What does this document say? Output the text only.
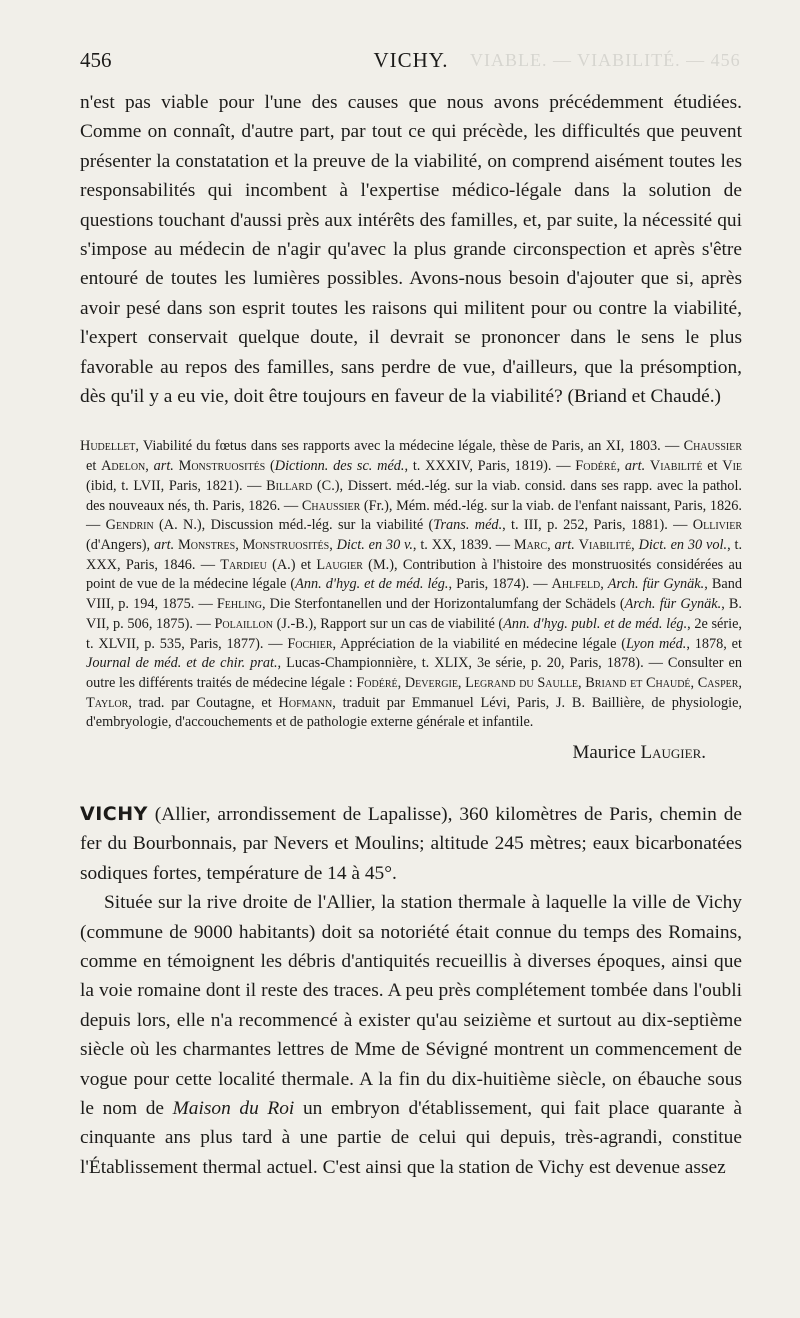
VIABLE. — VIABILITÉ. — 456
456	VICHY.

n'est pas viable pour l'une des causes que nous avons précédemment étudiées. Comme on connaît, d'autre part, par tout ce qui précède, les difficultés que peuvent présenter la constatation et la preuve de la viabilité, on comprend aisément toutes les responsabilités qui incombent à l'expertise médico-légale dans la solution de questions touchant d'aussi près aux intérêts des familles, et, par suite, la nécessité qui s'impose au médecin de n'agir qu'avec la plus grande circonspection et après s'être entouré de toutes les lumières possibles. Avons-nous besoin d'ajouter que si, après avoir pesé dans son esprit toutes les raisons qui militent pour ou contre la viabilité, l'expert conservait quelque doute, il devrait se prononcer dans le sens le plus favorable au repos des familles, sans perdre de vue, d'ailleurs, que la présomption, dès qu'il y a eu vie, doit être toujours en faveur de la viabilité? (Briand et Chaudé.)

Hudellet, Viabilité du fœtus dans ses rapports avec la médecine légale, thèse de Paris, an XI, 1803. — Chaussier et Adelon, art. Monstruosités (Dictionn. des sc. méd., t. XXXIV, Paris, 1819). — Fodéré, art. Viabilité et Vie (ibid, t. LVII, Paris, 1821). — Billard (C.), Dissert. méd.-lég. sur la viab. consid. dans ses rapp. avec la pathol. des nouveaux nés, th. Paris, 1826. — Chaussier (Fr.), Mém. méd.-lég. sur la viab. de l'enfant naissant, Paris, 1826. — Gendrin (A. N.), Discussion méd.-lég. sur la viabilité (Trans. méd., t. III, p. 252, Paris, 1881). — Ollivier (d'Angers), art. Monstres, Monstruosités, Dict. en 30 v., t. XX, 1839. — Marc, art. Viabilité, Dict. en 30 vol., t. XXX, Paris, 1846. — Tardieu (A.) et Laugier (M.), Contribution à l'histoire des monstruosités considérées au point de vue de la médecine légale (Ann. d'hyg. et de méd. lég., Paris, 1874). — Ahlfeld, Arch. für Gynäk., Band VIII, p. 194, 1875. — Fehling, Die Sterfontanellen und der Horizontalumfang der Schädels (Arch. für Gynäk., B. VII, p. 506, 1875). — Polaillon (J.-B.), Rapport sur un cas de viabilité (Ann. d'hyg. publ. et de méd. lég., 2e série, t. XLVII, p. 535, Paris, 1877). — Fochier, Appréciation de la viabilité en médecine légale (Lyon méd., 1878, et Journal de méd. et de chir. prat., Lucas-Championnière, t. XLIX, 3e série, p. 20, Paris, 1878). — Consulter en outre les différents traités de médecine légale : Fodéré, Devergie, Legrand du Saulle, Briand et Chaudé, Casper, Taylor, trad. par Coutagne, et Hofmann, traduit par Emmanuel Lévi, Paris, J. B. Baillière, de physiologie, d'embryologie, d'accouchements et de pathologie externe générale et infantile.

Maurice Laugier.

VICHY (Allier, arrondissement de Lapalisse), 360 kilomètres de Paris, chemin de fer du Bourbonnais, par Nevers et Moulins; altitude 245 mètres; eaux bicarbonatées sodiques fortes, température de 14 à 45°.

Située sur la rive droite de l'Allier, la station thermale à laquelle la ville de Vichy (commune de 9000 habitants) doit sa notoriété était connue du temps des Romains, comme en témoignent les débris d'antiquités recueillis à diverses époques, ainsi que la voie romaine dont il reste des traces. A peu près complétement tombée dans l'oubli depuis lors, elle n'a recommencé à exister qu'au seizième et surtout au dix-septième siècle où les charmantes lettres de Mme de Sévigné montrent un commencement de vogue pour cette localité thermale. A la fin du dix-huitième siècle, on ébauche sous le nom de Maison du Roi un embryon d'établissement, qui fait place quarante à cinquante ans plus tard à une partie de celui qui depuis, très-agrandi, constitue l'Établissement thermal actuel. C'est ainsi que la station de Vichy est devenue assez
